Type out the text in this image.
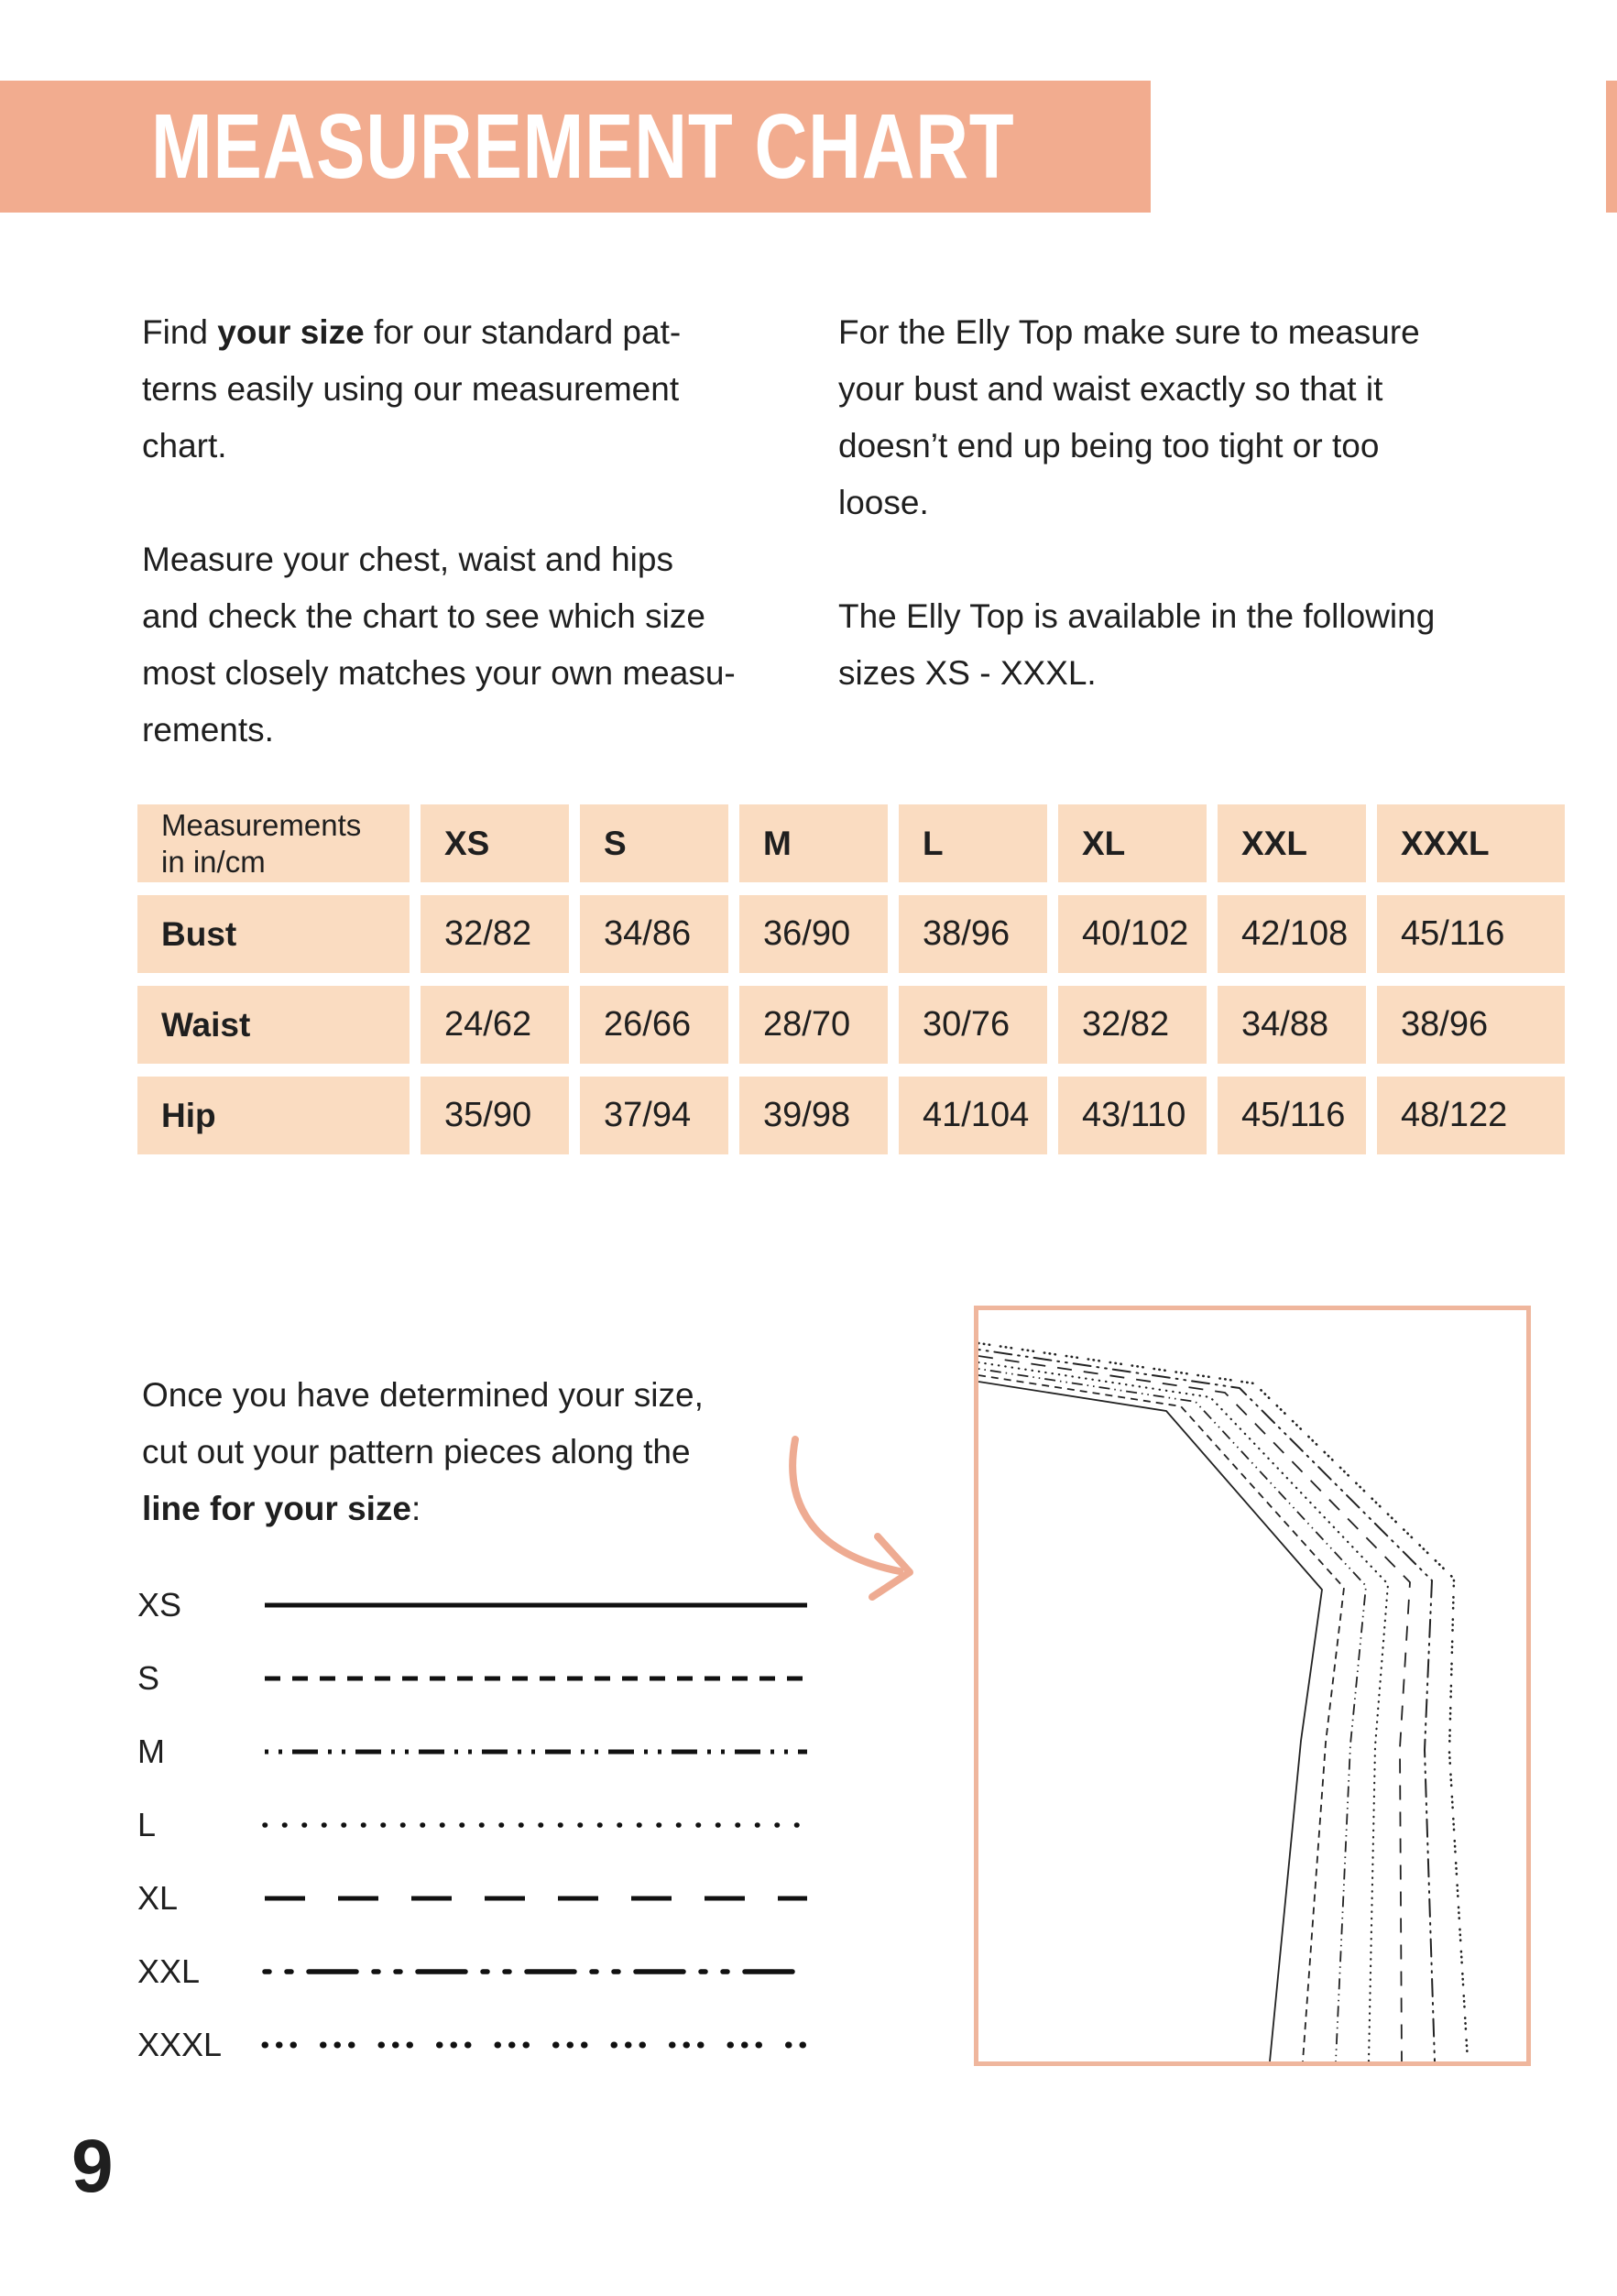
MEASUREMENT CHART
Find your size for our standard pat-
terns easily using our measurement
chart.
Measure your chest, waist and hips
and check the chart to see which size
most closely matches your own measu-
rements.
For the Elly Top make sure to measure
your bust and waist exactly so that it
doesn’t end up being too tight or too
loose.
The Elly Top is available in the following
sizes XS - XXXL.
Measurements
in in/cm	XS	S	M	L	XL	XXL	XXXL
Bust	32/82	34/86	36/90	38/96	40/102	42/108	45/116
Waist	24/62	26/66	28/70	30/76	32/82	34/88	38/96
Hip	35/90	37/94	39/98	41/104	43/110	45/116	48/122
Once you have determined your size,
cut out your pattern pieces along the
line for your size:
XS
S
M
L
XL
XXL
XXXL
9
